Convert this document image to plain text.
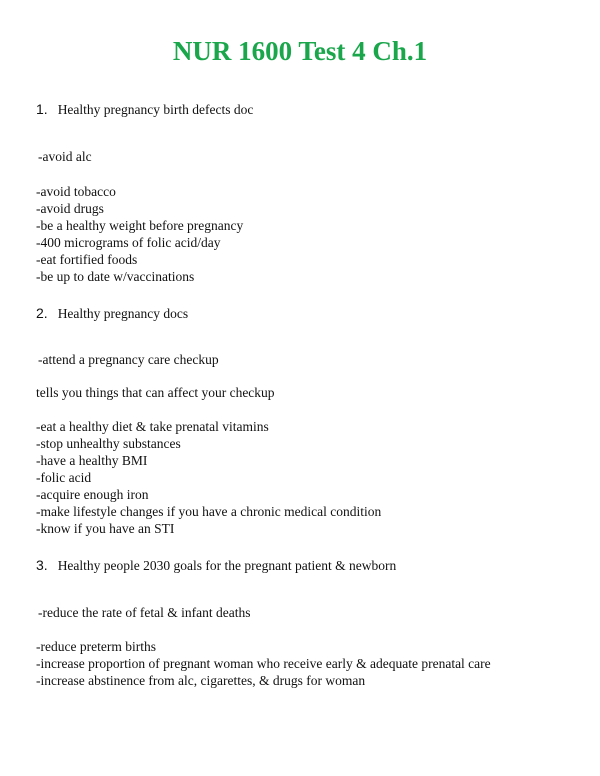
NUR 1600 Test 4 Ch.1
1. Healthy pregnancy birth defects doc
-avoid alc
-avoid tobacco
-avoid drugs
-be a healthy weight before pregnancy
-400 micrograms of folic acid/day
-eat fortified foods
-be up to date w/vaccinations
2. Healthy pregnancy docs
-attend a pregnancy care checkup
tells you things that can affect your checkup
-eat a healthy diet & take prenatal vitamins
-stop unhealthy substances
-have a healthy BMI
-folic acid
-acquire enough iron
-make lifestyle changes if you have a chronic medical condition
-know if you have an STI
3. Healthy people 2030 goals for the pregnant patient & newborn
-reduce the rate of fetal & infant deaths
-reduce preterm births
-increase proportion of pregnant woman who receive early & adequate prenatal care
-increase abstinence from alc, cigarettes, & drugs for woman
